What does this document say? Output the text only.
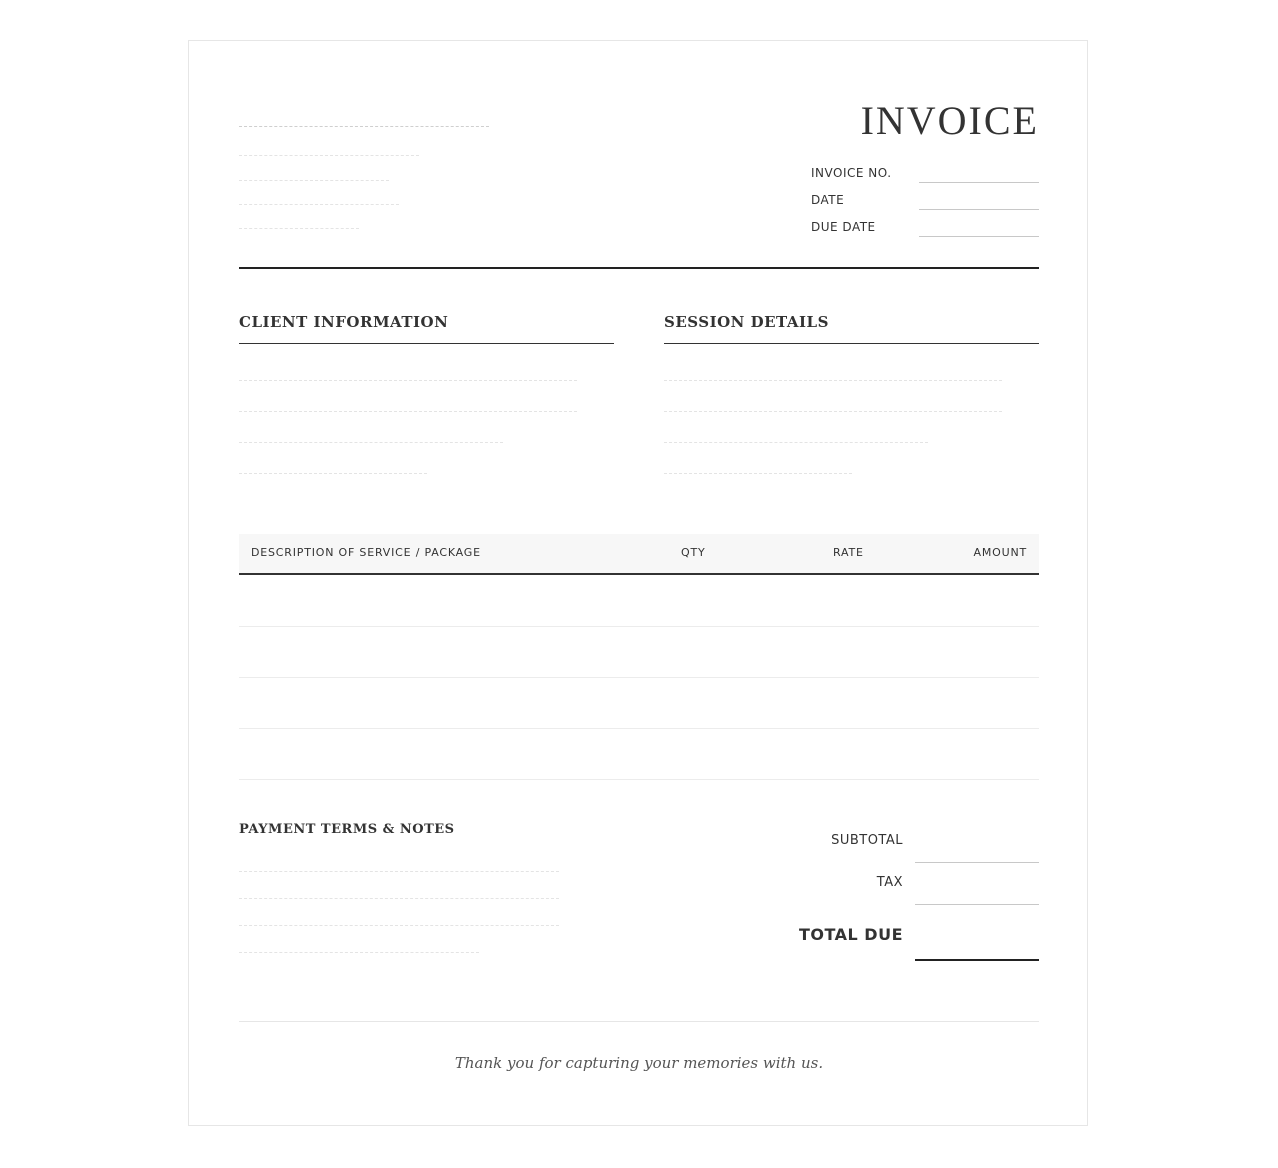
INVOICE
INVOICE NO.
DATE
DUE DATE
CLIENT INFORMATION	SESSION DETAILS
DESCRIPTION OF SERVICE / PACKAGE	QTY	RATE	AMOUNT
PAYMENT TERMS & NOTES
SUBTOTAL
TAX
TOTAL DUE
Thank you for capturing your memories with us.
